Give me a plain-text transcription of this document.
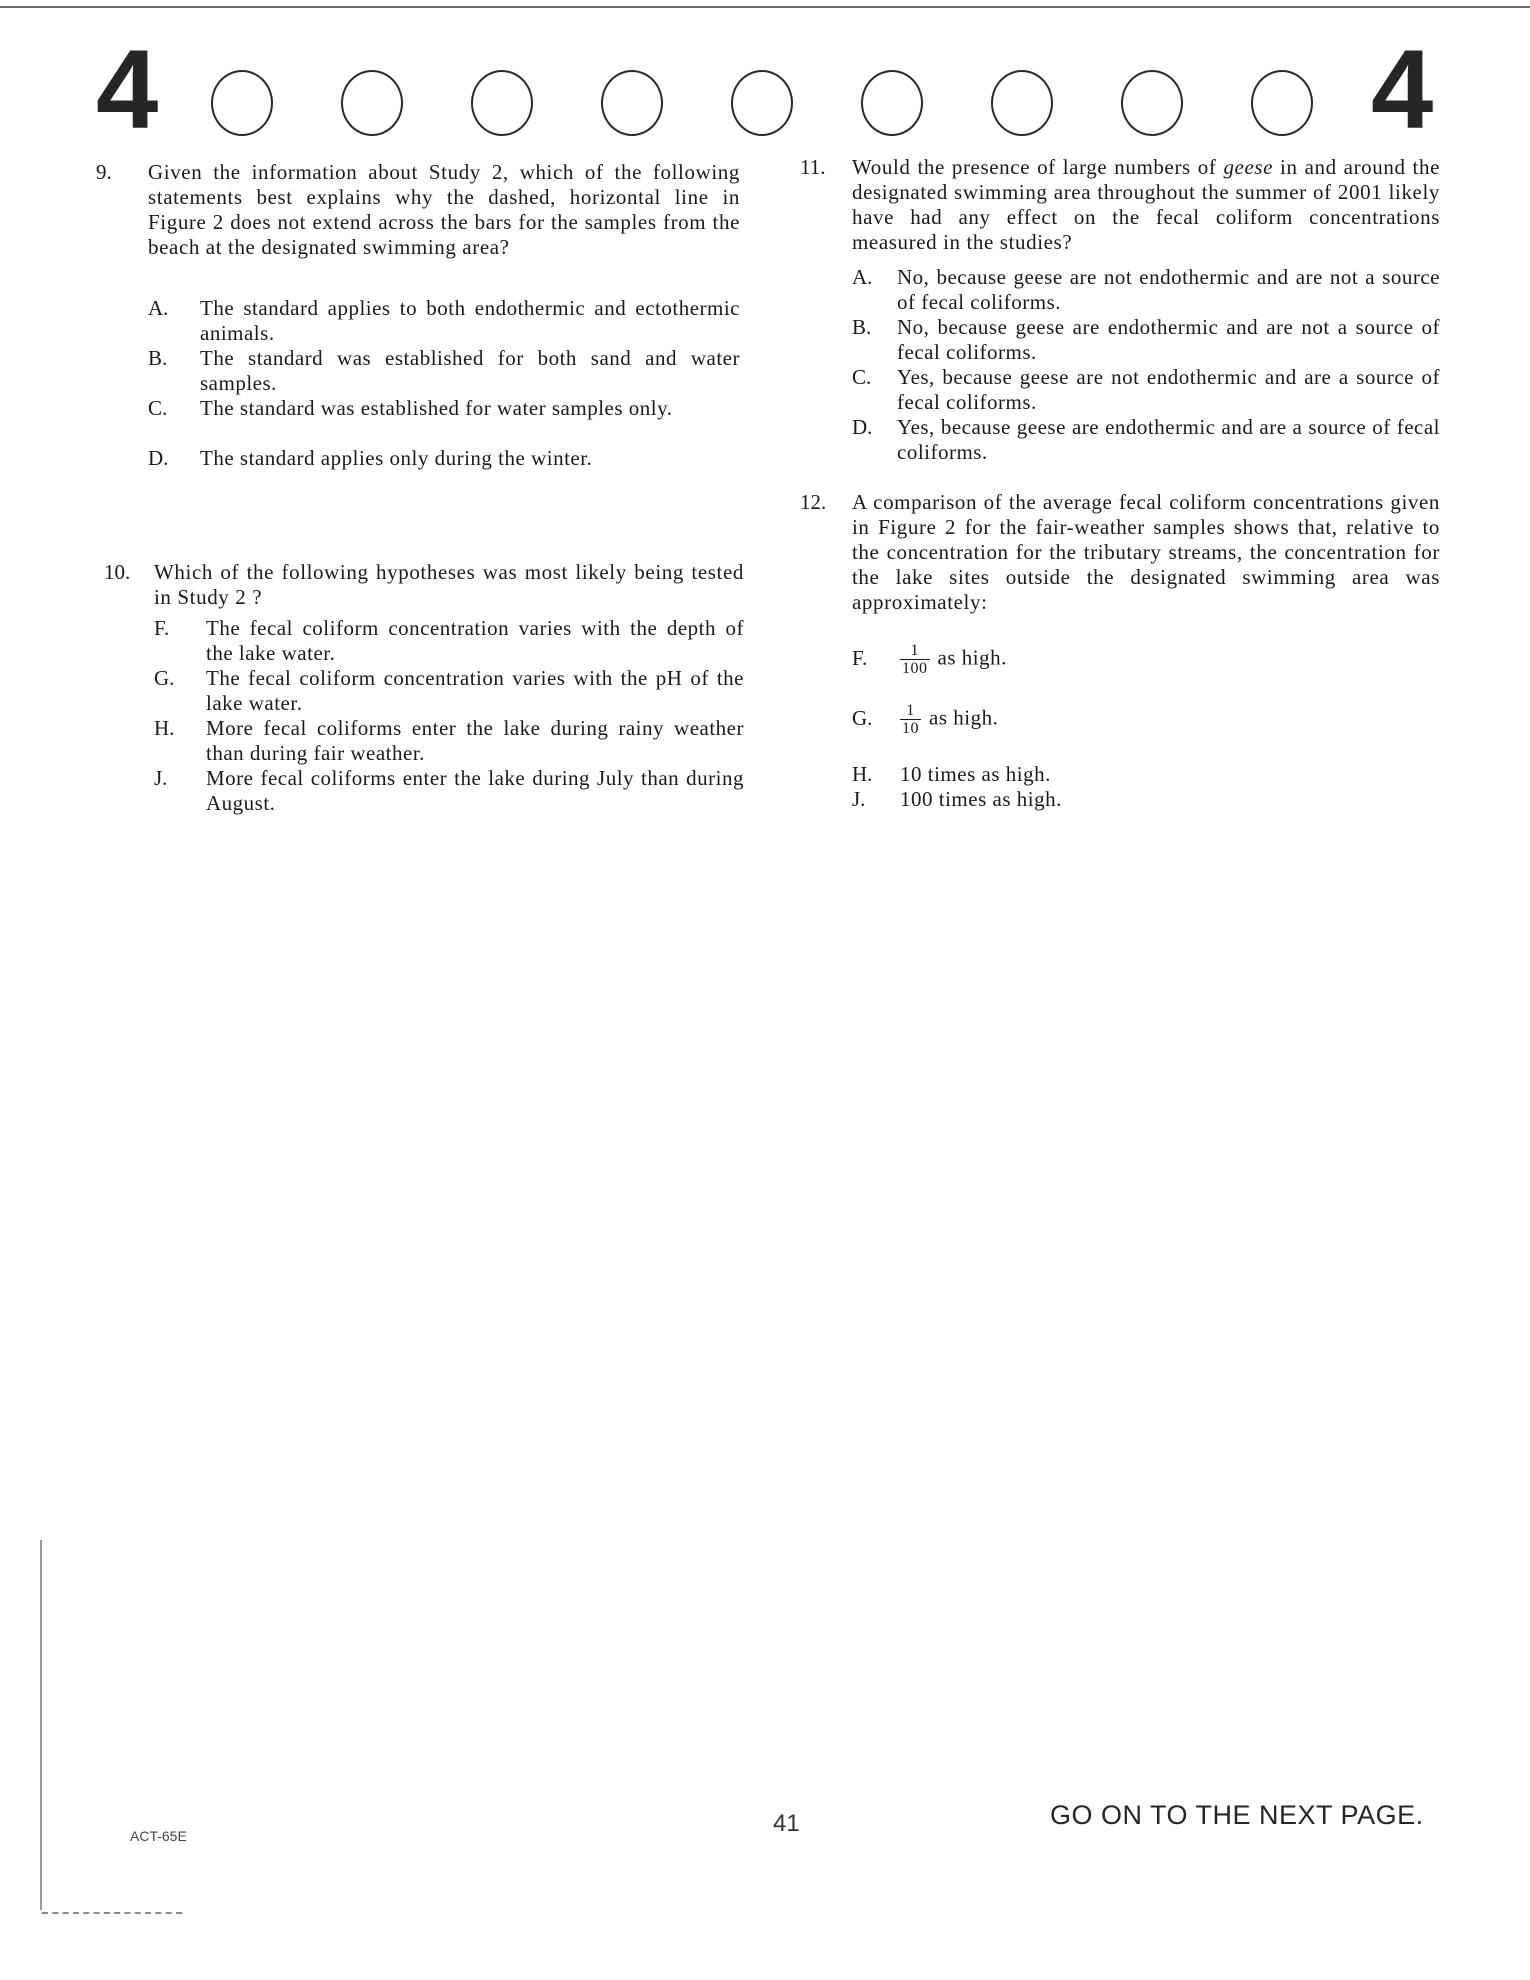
4	4
9. Given the information about Study 2, which of the following statements best explains why the dashed, horizontal line in Figure 2 does not extend across the bars for the samples from the beach at the designated swimming area?
A. The standard applies to both endothermic and ectothermic animals.
B. The standard was established for both sand and water samples.
C. The standard was established for water samples only.
D. The standard applies only during the winter.
10. Which of the following hypotheses was most likely being tested in Study 2 ?
F. The fecal coliform concentration varies with the depth of the lake water.
G. The fecal coliform concentration varies with the pH of the lake water.
H. More fecal coliforms enter the lake during rainy weather than during fair weather.
J. More fecal coliforms enter the lake during July than during August.
11. Would the presence of large numbers of geese in and around the designated swimming area throughout the summer of 2001 likely have had any effect on the fecal coliform concentrations measured in the studies?
A. No, because geese are not endothermic and are not a source of fecal coliforms.
B. No, because geese are endothermic and are not a source of fecal coliforms.
C. Yes, because geese are not endothermic and are a source of fecal coliforms.
D. Yes, because geese are endothermic and are a source of fecal coliforms.
12. A comparison of the average fecal coliform concentrations given in Figure 2 for the fair-weather samples shows that, relative to the concentration for the tributary streams, the concentration for the lake sites outside the designated swimming area was approximately:
F. $\frac{1}{100}$ as high.
G. $\frac{1}{10}$ as high.
H. 10 times as high.
J. 100 times as high.
ACT-65E	41	GO ON TO THE NEXT PAGE.
